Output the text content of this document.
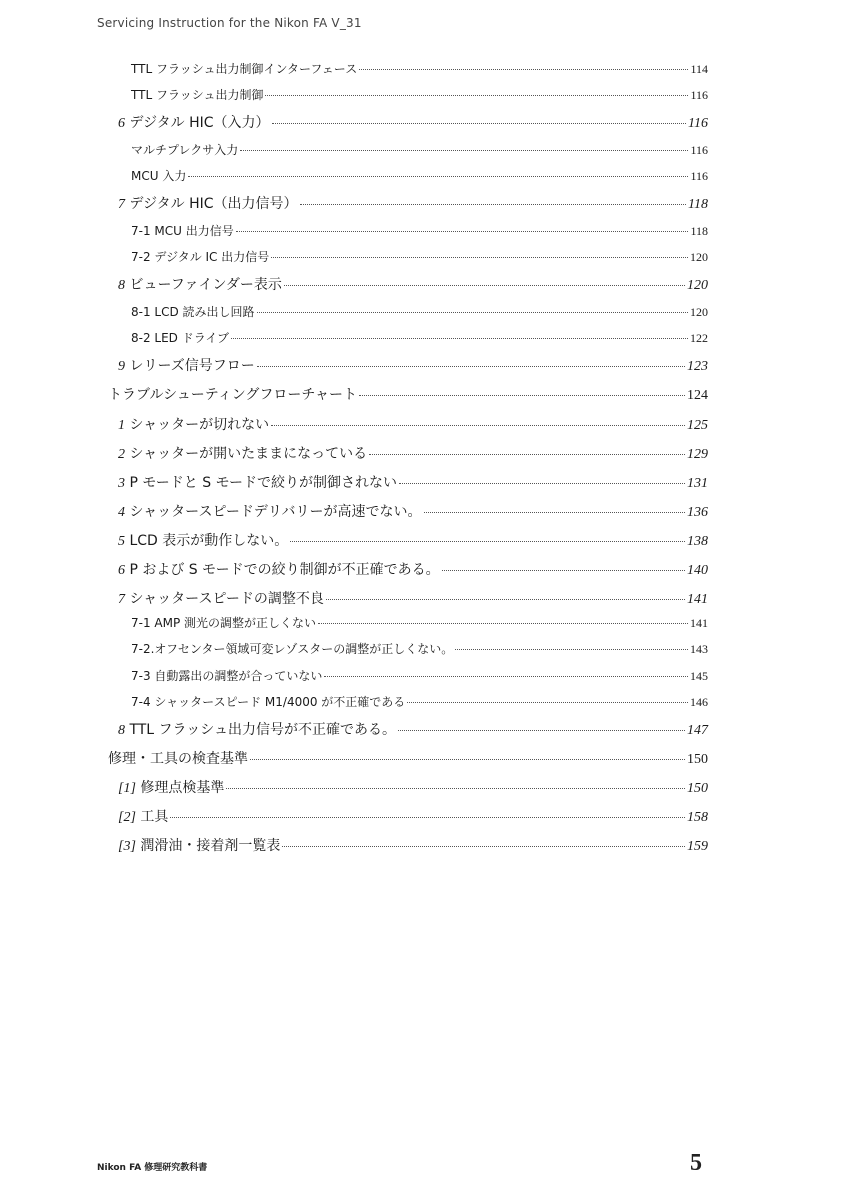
Servicing Instruction for the Nikon FA V_31
TTL フラッシュ出力制御インターフェース	114
TTL フラッシュ出力制御	116
6 デジタル HIC（入力）	116
マルチプレクサ入力	116
MCU 入力	116
7 デジタル HIC（出力信号）	118
7-1 MCU 出力信号	118
7-2 デジタル IC 出力信号	120
8 ビューファインダー表示	120
8-1 LCD 読み出し回路	120
8-2 LED ドライブ	122
9 レリーズ信号フロー	123
トラブルシューティングフローチャート	124
1 シャッターが切れない	125
2 シャッターが開いたままになっている	129
3 P モードと S モードで絞りが制御されない	131
4 シャッタースピードデリバリーが高速でない。	136
5 LCD 表示が動作しない。	138
6 P および S モードでの絞り制御が不正確である。	140
7 シャッタースピードの調整不良	141
7-1 AMP 測光の調整が正しくない	141
7-2.オフセンター領域可変レゾスターの調整が正しくない。	143
7-3 自動露出の調整が合っていない	145
7-4 シャッタースピード M1/4000 が不正確である	146
8 TTL フラッシュ出力信号が不正確である。	147
修理・工具の検査基準	150
[1] 修理点検基準	150
[2] 工具	158
[3] 潤滑油・接着剤一覧表	159
Nikon FA 修理研究教科書	5
